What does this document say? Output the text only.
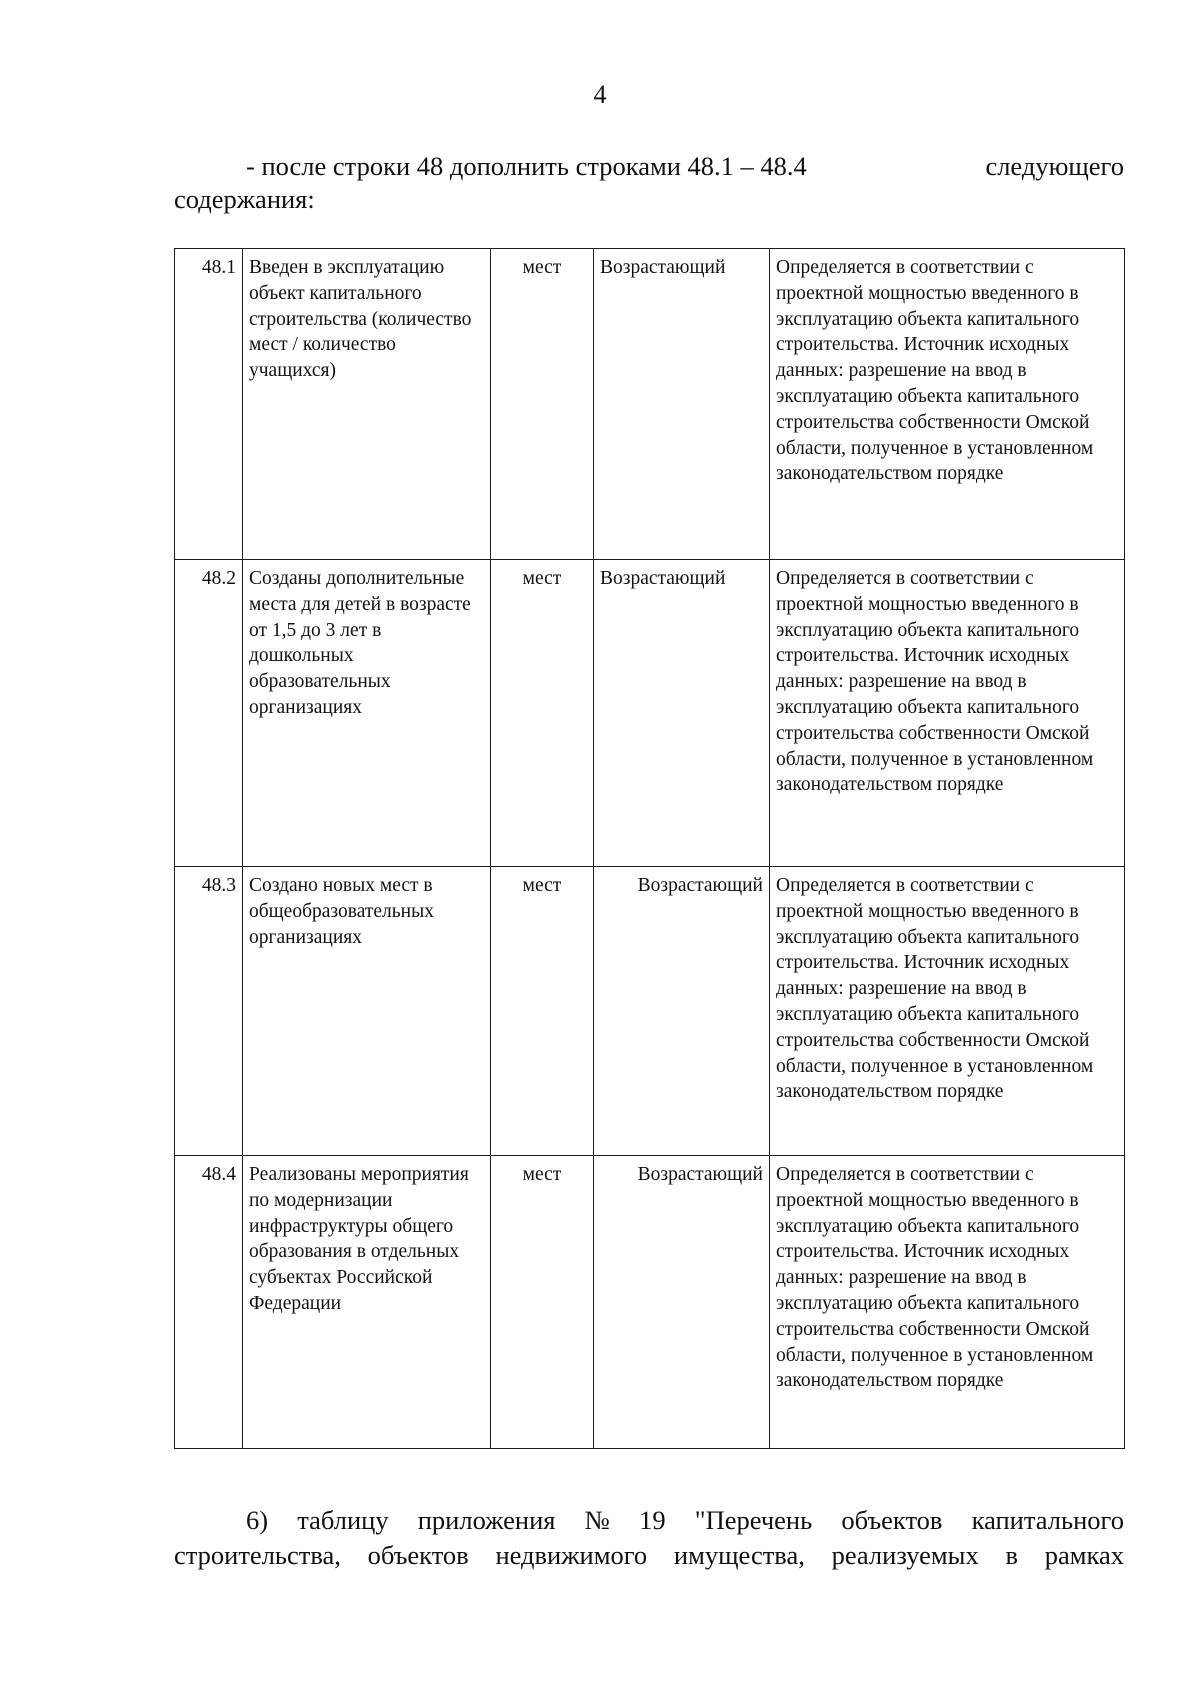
4
- после строки 48 дополнить строками 48.1 – 48.4	следующего
содержания:
48.1	Введен в эксплуатацию объект капитального строительства (количество мест / количество учащихся)	мест	Возрастающий	Определяется в соответствии с проектной мощностью введенного в эксплуатацию объекта капитального строительства. Источник исходных данных: разрешение на ввод в эксплуатацию объекта капитального строительства собственности Омской области, полученное в установленном законодательством порядке
48.2	Созданы дополнительные места для детей в возрасте от 1,5 до 3 лет в дошкольных образовательных организациях	мест	Возрастающий	Определяется в соответствии с проектной мощностью введенного в эксплуатацию объекта капитального строительства. Источник исходных данных: разрешение на ввод в эксплуатацию объекта капитального строительства собственности Омской области, полученное в установленном законодательством порядке
48.3	Создано новых мест в общеобразовательных организациях	мест	Возрастающий	Определяется в соответствии с проектной мощностью введенного в эксплуатацию объекта капитального строительства. Источник исходных данных: разрешение на ввод в эксплуатацию объекта капитального строительства собственности Омской области, полученное в установленном законодательством порядке
48.4	Реализованы мероприятия по модернизации инфраструктуры общего образования в отдельных субъектах Российской Федерации	мест	Возрастающий	Определяется в соответствии с проектной мощностью введенного в эксплуатацию объекта капитального строительства. Источник исходных данных: разрешение на ввод в эксплуатацию объекта капитального строительства собственности Омской области, полученное в установленном законодательством порядке
6) таблицу приложения № 19 "Перечень объектов капитального
строительства, объектов недвижимого имущества, реализуемых в рамках
